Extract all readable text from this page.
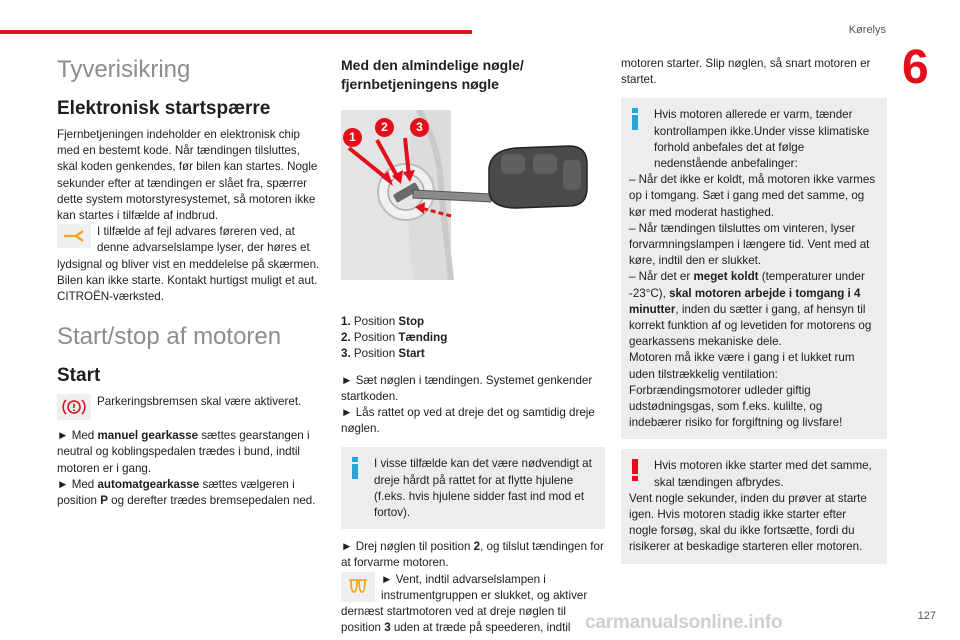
Kørelys
6

Tyverisikring

Elektronisk startspærre

Fjernbetjeningen indeholder en elektronisk chip med en bestemt kode. Når tændingen tilsluttes, skal koden genkendes, før bilen kan startes. Nogle sekunder efter at tændingen er slået fra, spærrer dette system motorstyresystemet, så motoren ikke kan startes i tilfælde af indbrud.

I tilfælde af fejl advares føreren ved, at denne advarselslampe lyser, der høres et lydsignal og bliver vist en meddelelse på skærmen.

Bilen kan ikke starte. Kontakt hurtigst muligt et aut. CITROËN-værksted.

Start/stop af motoren

Start

Parkeringsbremsen skal være aktiveret.

► Med manuel gearkasse sættes gearstangen i neutral og koblingspedalen trædes i bund, indtil motoren er i gang.

► Med automatgearkasse sættes vælgeren i position P og derefter trædes bremsepedalen ned.

Med den almindelige nøgle/ fjernbetjeningens nøgle

1
2	3

1. Position Stop

2. Position Tænding

3. Position Start

► Sæt nøglen i tændingen. Systemet genkender startkoden.

► Lås rattet op ved at dreje det og samtidig dreje nøglen.

I visse tilfælde kan det være nødvendigt at dreje hårdt på rattet for at flytte hjulene (f.eks. hvis hjulene sidder fast ind mod et fortov).

► Drej nøglen til position 2, og tilslut tændingen for at forvarme motoren.

► Vent, indtil advarselslampen i instrumentgruppen er slukket, og aktiver dernæst startmotoren ved at dreje nøglen til position 3 uden at træde på speederen, indtil

motoren starter. Slip nøglen, så snart motoren er startet.

Hvis motoren allerede er varm, tænder kontrollampen ikke.Under visse klimatiske forhold anbefales det at følge nedenstående anbefalinger:

– Når det ikke er koldt, må motoren ikke varmes op i tomgang. Sæt i gang med det samme, og kør med moderat hastighed.

– Når tændingen tilsluttes om vinteren, lyser forvarmningslampen i længere tid. Vent med at køre, indtil den er slukket.

– Når det er meget koldt (temperaturer under -23°C), skal motoren arbejde i tomgang i 4 minutter, inden du sætter i gang, af hensyn til korrekt funktion af og levetiden for motorens og gearkassens mekaniske dele.

Motoren må ikke være i gang i et lukket rum uden tilstrækkelig ventilation: Forbrændingsmotorer udleder giftig udstødningsgas, som f.eks. kulilte, og indebærer risiko for forgiftning og livsfare!

Hvis motoren ikke starter med det samme, skal tændingen afbrydes.

Vent nogle sekunder, inden du prøver at starte igen. Hvis motoren stadig ikke starter efter nogle forsøg, skal du ikke fortsætte, fordi du risikerer at beskadige starteren eller motoren.

carmanualsonline.info	127
